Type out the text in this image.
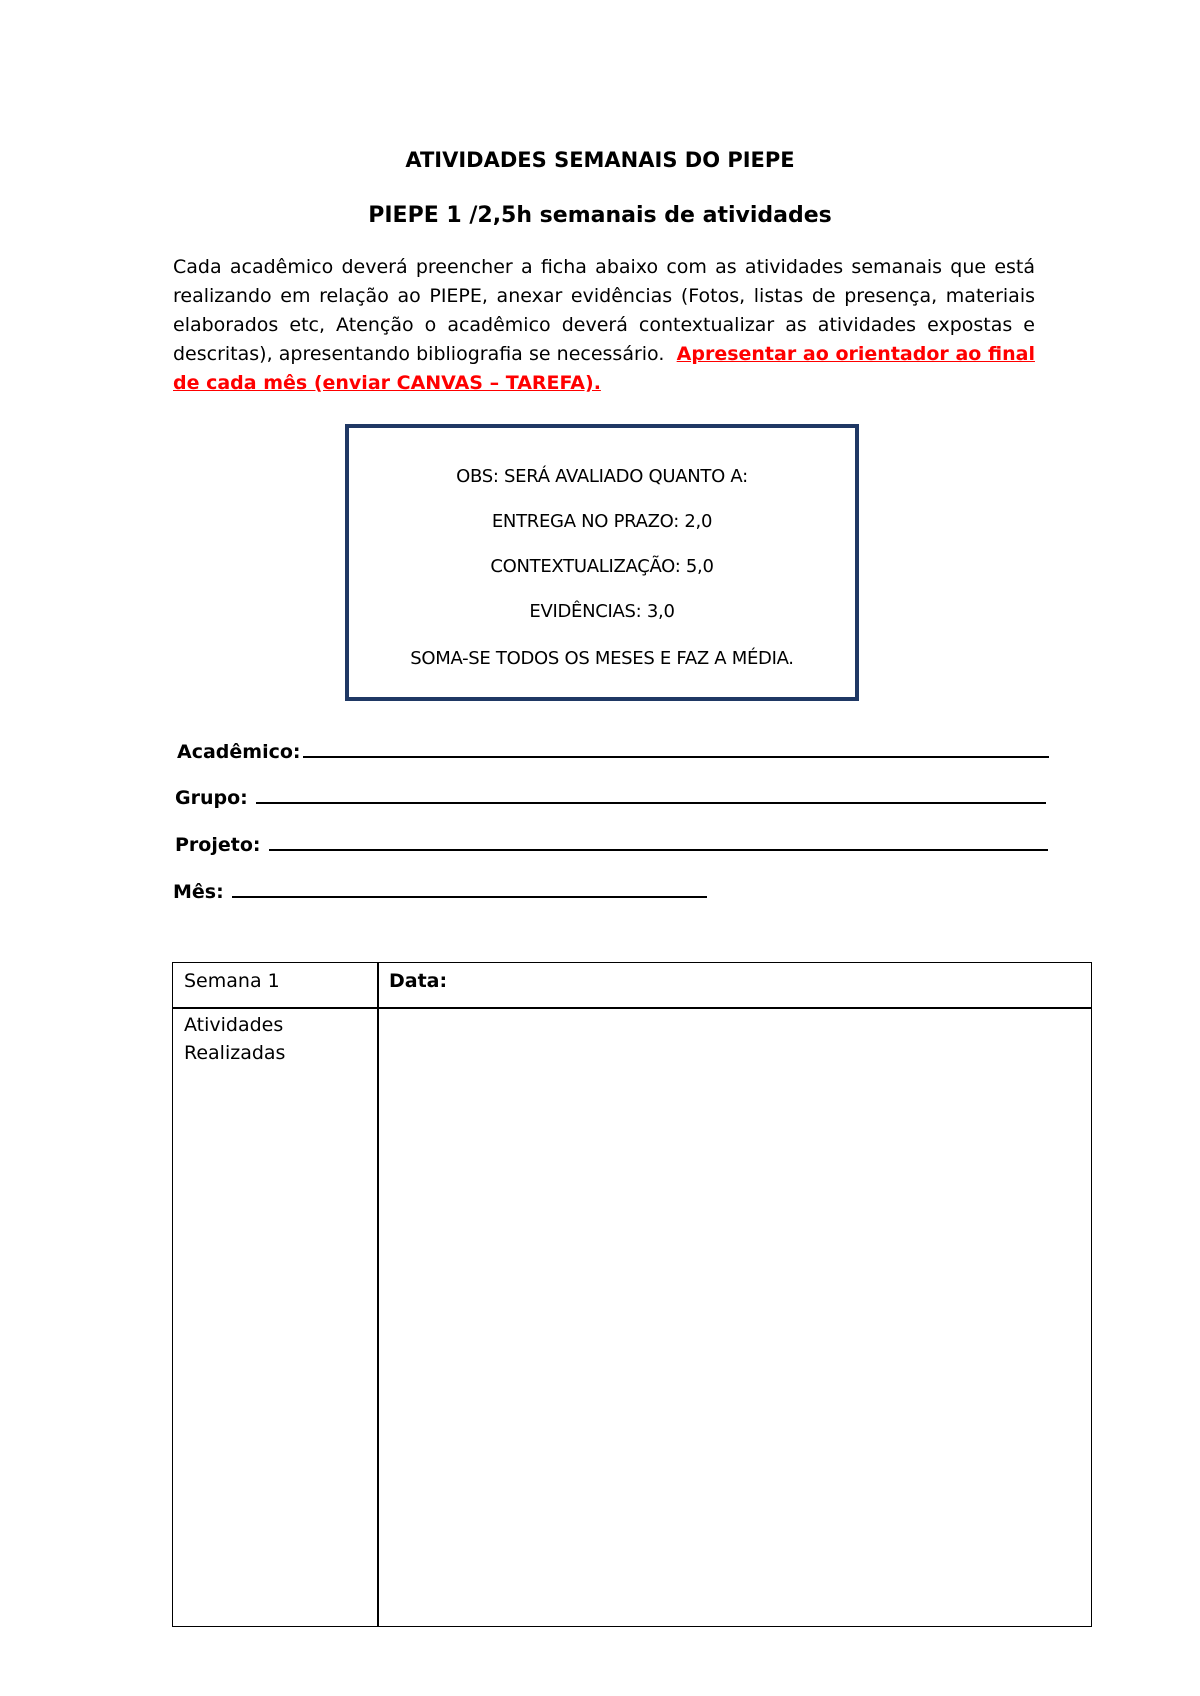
ATIVIDADES SEMANAIS DO PIEPE
PIEPE 1 /2,5h semanais de atividades

Cada acadêmico deverá preencher a ficha abaixo com as atividades semanais que está realizando em relação ao PIEPE, anexar evidências (Fotos, listas de presença, materiais elaborados etc, Atenção o acadêmico deverá contextualizar as atividades expostas e descritas), apresentando bibliografia se necessário. Apresentar ao orientador ao final de cada mês (enviar CANVAS – TAREFA).

OBS: SERÁ AVALIADO QUANTO A:
ENTREGA NO PRAZO: 2,0
CONTEXTUALIZAÇÃO: 5,0
EVIDÊNCIAS: 3,0
SOMA-SE TODOS OS MESES E FAZ A MÉDIA.
Acadêmico:
Grupo:
Projeto:
Mês:
Semana 1	Data:
Atividades
Realizadas
